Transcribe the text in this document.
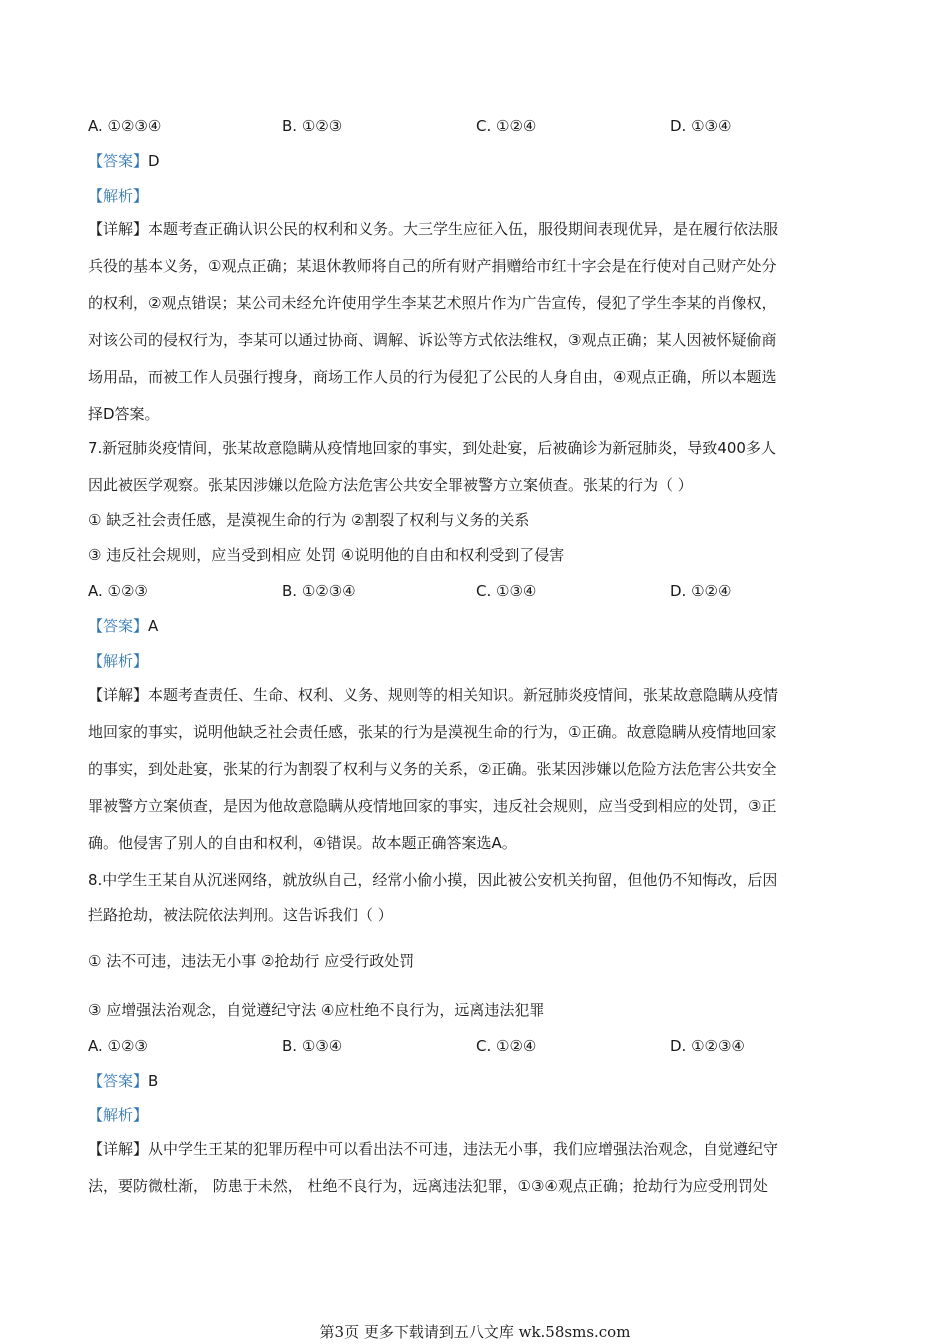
A. ①②③④	B. ①②③	C. ①②④	D. ①③④
【答案】D
【解析】
【详解】本题考查正确认识公民的权利和义务。大三学生应征入伍，服役期间表现优异，是在履行依法服
兵役的基本义务，①观点正确；某退休教师将自己的所有财产捐赠给市红十字会是在行使对自己财产处分
的权利，②观点错误；某公司未经允许使用学生李某艺术照片作为广告宣传，侵犯了学生李某的肖像权，
对该公司的侵权行为，李某可以通过协商、调解、诉讼等方式依法维权，③观点正确；某人因被怀疑偷商
场用品，而被工作人员强行搜身，商场工作人员的行为侵犯了公民的人身自由，④观点正确，所以本题选
择D答案。
7.新冠肺炎疫情间，张某故意隐瞒从疫情地回家的事实，到处赴宴，后被确诊为新冠肺炎，导致400多人
因此被医学观察。张某因涉嫌以危险方法危害公共安全罪被警方立案侦查。张某的行为（ ）
① 缺乏社会责任感，是漠视生命的行为 ②割裂了权利与义务的关系
③ 违反社会规则，应当受到相应 处罚 ④说明他的自由和权利受到了侵害
A. ①②③	B. ①②③④	C. ①③④	D. ①②④
【答案】A
【解析】
【详解】本题考查责任、生命、权利、义务、规则等的相关知识。新冠肺炎疫情间，张某故意隐瞒从疫情
地回家的事实，说明他缺乏社会责任感，张某的行为是漠视生命的行为，①正确。故意隐瞒从疫情地回家
的事实，到处赴宴，张某的行为割裂了权利与义务的关系，②正确。张某因涉嫌以危险方法危害公共安全
罪被警方立案侦查，是因为他故意隐瞒从疫情地回家的事实，违反社会规则，应当受到相应的处罚，③正
确。他侵害了别人的自由和权利，④错误。故本题正确答案选A。
8.中学生王某自从沉迷网络，就放纵自己，经常小偷小摸，因此被公安机关拘留，但他仍不知悔改，后因
拦路抢劫，被法院依法判刑。这告诉我们（ ）
① 法不可违，违法无小事 ②抢劫行 应受行政处罚
③ 应增强法治观念，自觉遵纪守法 ④应杜绝不良行为，远离违法犯罪
A. ①②③	B. ①③④	C. ①②④	D. ①②③④
【答案】B
【解析】
【详解】从中学生王某的犯罪历程中可以看出法不可违，违法无小事，我们应增强法治观念，自觉遵纪守
法，要防微杜渐， 防患于未然， 杜绝不良行为，远离违法犯罪，①③④观点正确；抢劫行为应受刑罚处
第3页 更多下载请到五八文库 wk.58sms.com
